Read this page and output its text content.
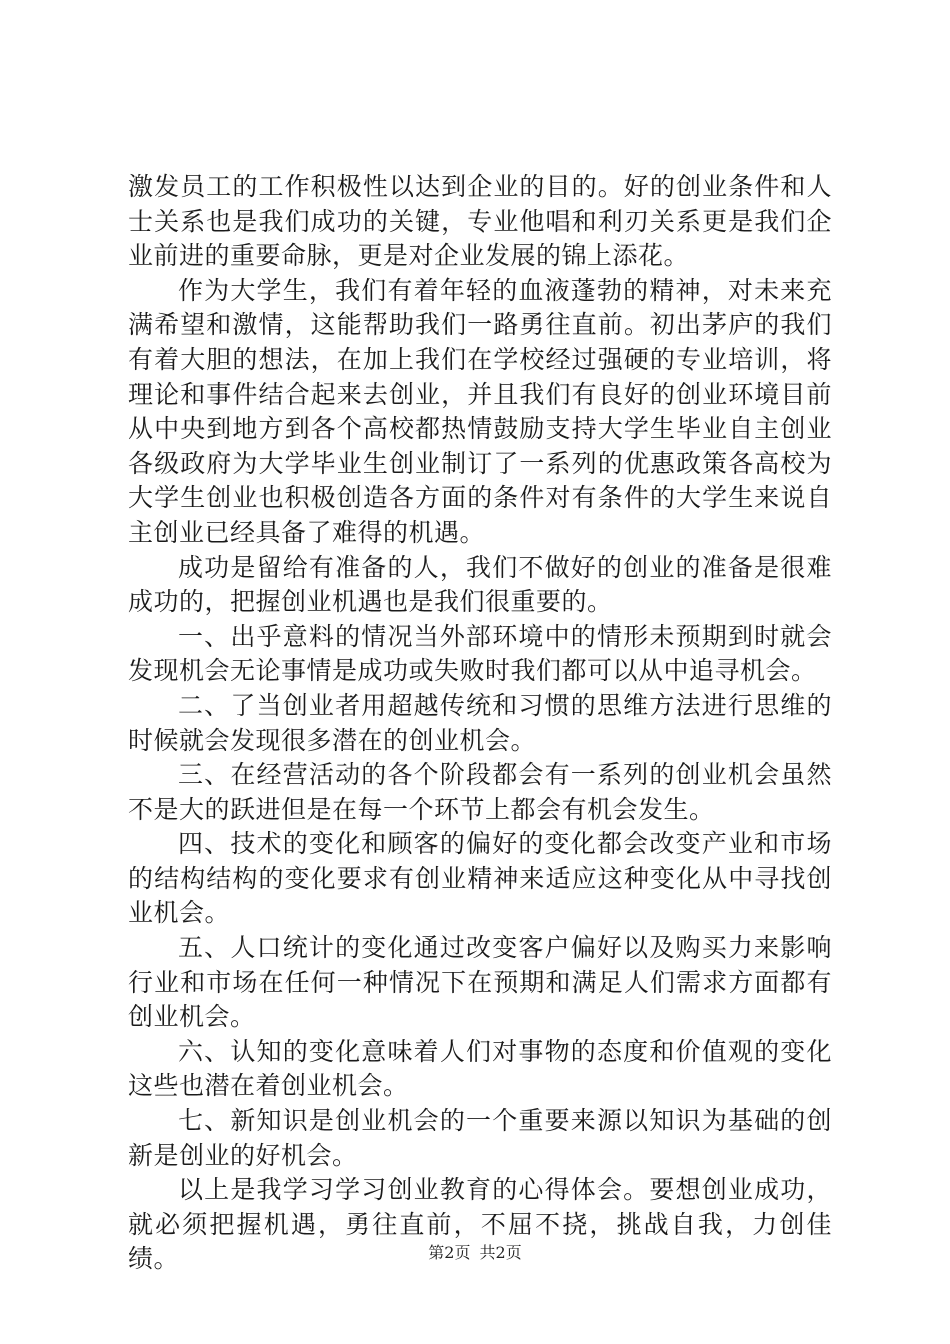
激发员工的工作积极性以达到企业的目的。好的创业条件和人士关系也是我们成功的关键，专业他唱和利刃关系更是我们企业前进的重要命脉，更是对企业发展的锦上添花。

作为大学生，我们有着年轻的血液蓬勃的精神，对未来充满希望和激情，这能帮助我们一路勇往直前。初出茅庐的我们有着大胆的想法，在加上我们在学校经过强硬的专业培训，将理论和事件结合起来去创业，并且我们有良好的创业环境目前从中央到地方到各个高校都热情鼓励支持大学生毕业自主创业各级政府为大学毕业生创业制订了一系列的优惠政策各高校为大学生创业也积极创造各方面的条件对有条件的大学生来说自主创业已经具备了难得的机遇。

成功是留给有准备的人，我们不做好的创业的准备是很难成功的，把握创业机遇也是我们很重要的。

一、出乎意料的情况当外部环境中的情形未预期到时就会发现机会无论事情是成功或失败时我们都可以从中追寻机会。

二、了当创业者用超越传统和习惯的思维方法进行思维的时候就会发现很多潜在的创业机会。

三、在经营活动的各个阶段都会有一系列的创业机会虽然不是大的跃进但是在每一个环节上都会有机会发生。

四、技术的变化和顾客的偏好的变化都会改变产业和市场的结构结构的变化要求有创业精神来适应这种变化从中寻找创业机会。

五、人口统计的变化通过改变客户偏好以及购买力来影响行业和市场在任何一种情况下在预期和满足人们需求方面都有创业机会。

六、认知的变化意味着人们对事物的态度和价值观的变化这些也潜在着创业机会。

七、新知识是创业机会的一个重要来源以知识为基础的创新是创业的好机会。

以上是我学习学习创业教育的心得体会。要想创业成功，就必须把握机遇，勇往直前，不屈不挠，挑战自我，力创佳绩。	第2页 共2页
